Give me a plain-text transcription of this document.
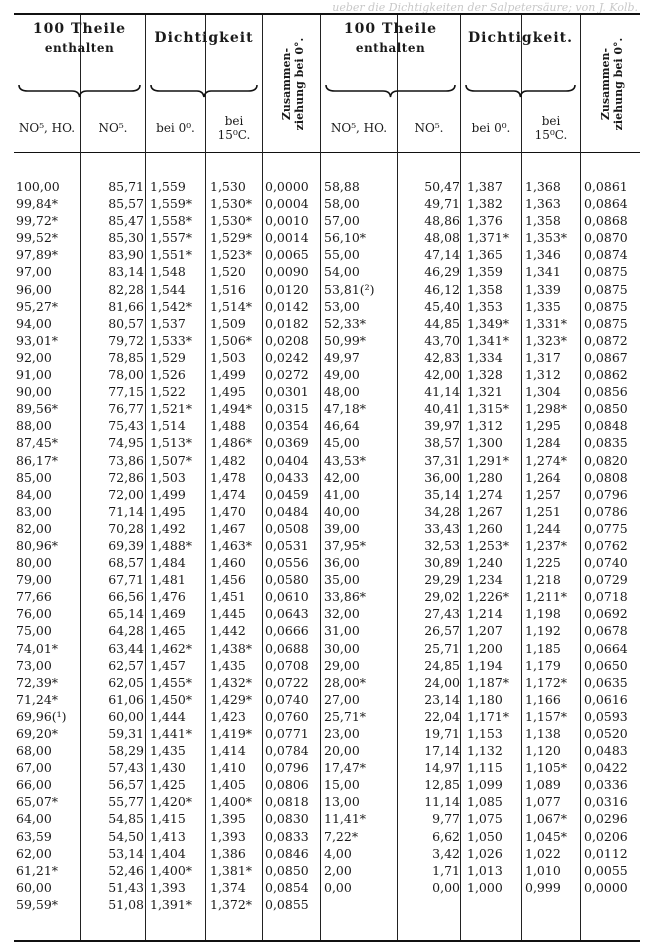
ueber die Dichtigkeiten der Salpetersäure; von J. Kolb.
100 Theile
enthalten
Dichtigkeit
Zusammen-
ziehung bei 0°.
100 Theile
enthalten
Dichtigkeit.
Zusammen-
ziehung bei 0°.
NO⁵, HO.	NO⁵.	bei 0⁰.	bei
15⁰C.	NO⁵, HO.	NO⁵.	bei 0⁰.	bei
15⁰C.
100,00	85,71 1,559	1,530	0,0000	58,88	50,47 1,387	1,368	0,0861
99,84*	85,57 1,559*	1,530*	0,0004	58,00	49,71 1,382	1,363	0,0864
99,72*	85,47 1,558*	1,530*	0,0010	57,00	48,86 1,376	1,358	0,0868
99,52*	85,30 1,557*	1,529*	0,0014	56,10*	48,08 1,371*	1,353*	0,0870
97,89*	83,90 1,551*	1,523*	0,0065	55,00	47,14 1,365	1,346	0,0874
97,00	83,14 1,548	1,520	0,0090	54,00	46,29 1,359	1,341	0,0875
96,00	82,28 1,544	1,516	0,0120	53,81(²)	46,12 1,358	1,339	0,0875
95,27*	81,66 1,542*	1,514*	0,0142	53,00	45,40 1,353	1,335	0,0875
94,00	80,57 1,537	1,509	0,0182	52,33*	44,85 1,349*	1,331*	0,0875
93,01*	79,72 1,533*	1,506*	0,0208	50,99*	43,70 1,341*	1,323*	0,0872
92,00	78,85 1,529	1,503	0,0242	49,97	42,83 1,334	1,317	0,0867
91,00	78,00 1,526	1,499	0,0272	49,00	42,00 1,328	1,312	0,0862
90,00	77,15 1,522	1,495	0,0301	48,00	41,14 1,321	1,304	0,0856
89,56*	76,77 1,521*	1,494*	0,0315	47,18*	40,41 1,315*	1,298*	0,0850
88,00	75,43 1,514	1,488	0,0354	46,64	39,97 1,312	1,295	0,0848
87,45*	74,95 1,513*	1,486*	0,0369	45,00	38,57 1,300	1,284	0,0835
86,17*	73,86 1,507*	1,482	0,0404	43,53*	37,31 1,291*	1,274*	0,0820
85,00	72,86 1,503	1,478	0,0433	42,00	36,00 1,280	1,264	0,0808
84,00	72,00 1,499	1,474	0,0459	41,00	35,14 1,274	1,257	0,0796
83,00	71,14 1,495	1,470	0,0484	40,00	34,28 1,267	1,251	0,0786
82,00	70,28 1,492	1,467	0,0508	39,00	33,43 1,260	1,244	0,0775
80,96*	69,39 1,488*	1,463*	0,0531	37,95*	32,53 1,253*	1,237*	0,0762
80,00	68,57 1,484	1,460	0,0556	36,00	30,89 1,240	1,225	0,0740
79,00	67,71 1,481	1,456	0,0580	35,00	29,29 1,234	1,218	0,0729
77,66	66,56 1,476	1,451	0,0610	33,86*	29,02 1,226*	1,211*	0,0718
76,00	65,14 1,469	1,445	0,0643	32,00	27,43 1,214	1,198	0,0692
75,00	64,28 1,465	1,442	0,0666	31,00	26,57 1,207	1,192	0,0678
74,01*	63,44 1,462*	1,438*	0,0688	30,00	25,71 1,200	1,185	0,0664
73,00	62,57 1,457	1,435	0,0708	29,00	24,85 1,194	1,179	0,0650
72,39*	62,05 1,455*	1,432*	0,0722	28,00*	24,00 1,187*	1,172*	0,0635
71,24*	61,06 1,450*	1,429*	0,0740	27,00	23,14 1,180	1,166	0,0616
69,96(¹)	60,00 1,444	1,423	0,0760	25,71*	22,04 1,171*	1,157*	0,0593
69,20*	59,31 1,441*	1,419*	0,0771	23,00	19,71 1,153	1,138	0,0520
68,00	58,29 1,435	1,414	0,0784	20,00	17,14 1,132	1,120	0,0483
67,00	57,43 1,430	1,410	0,0796	17,47*	14,97 1,115	1,105*	0,0422
66,00	56,57 1,425	1,405	0,0806	15,00	12,85 1,099	1,089	0,0336
65,07*	55,77 1,420*	1,400*	0,0818	13,00	11,14 1,085	1,077	0,0316
64,00	54,85 1,415	1,395	0,0830	11,41*	9,77 1,075	1,067*	0,0296
63,59	54,50 1,413	1,393	0,0833	7,22*	6,62 1,050	1,045*	0,0206
62,00	53,14 1,404	1,386	0,0846	4,00	3,42 1,026	1,022	0,0112
61,21*	52,46 1,400*	1,381*	0,0850	2,00	1,71 1,013	1,010	0,0055
60,00	51,43 1,393	1,374	0,0854	0,00	0,00 1,000	0,999	0,0000
59,59*	51,08 1,391*	1,372*	0,0855
